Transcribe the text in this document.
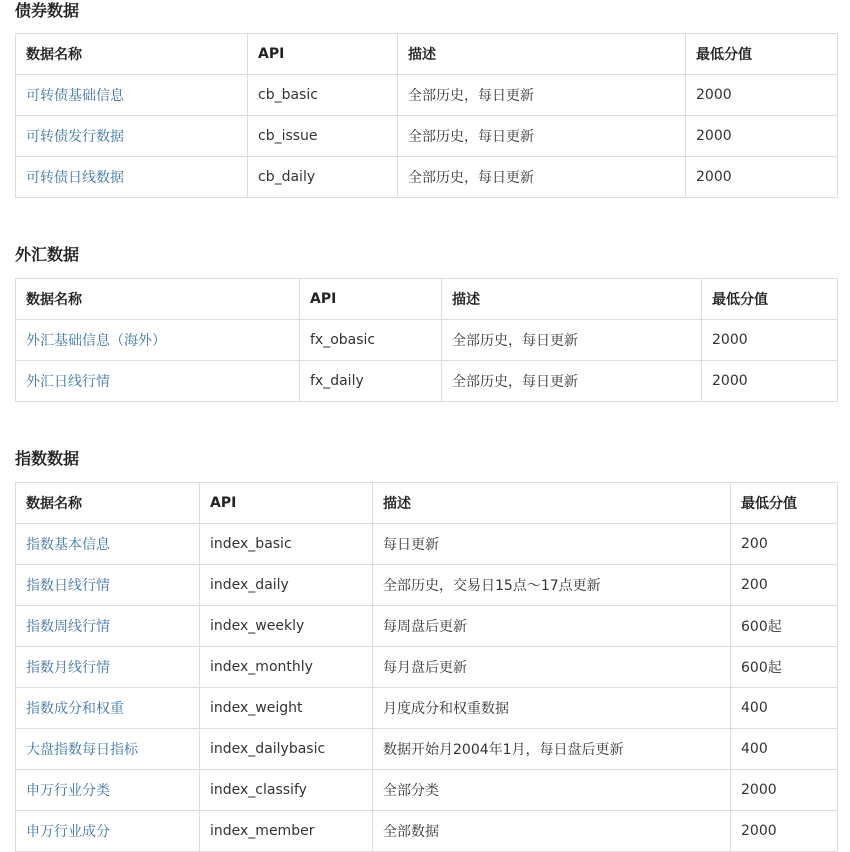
债券数据
数据名称	API	描述	最低分值
可转债基础信息	cb_basic	全部历史，每日更新	2000
可转债发行数据	cb_issue	全部历史，每日更新	2000
可转债日线数据	cb_daily	全部历史，每日更新	2000
外汇数据
数据名称	API	描述	最低分值
外汇基础信息（海外）	fx_obasic	全部历史，每日更新	2000
外汇日线行情	fx_daily	全部历史，每日更新	2000
指数数据
数据名称	API	描述	最低分值
指数基本信息	index_basic	每日更新	200
指数日线行情	index_daily	全部历史，交易日15点～17点更新	200
指数周线行情	index_weekly	每周盘后更新	600起
指数月线行情	index_monthly	每月盘后更新	600起
指数成分和权重	index_weight	月度成分和权重数据	400
大盘指数每日指标	index_dailybasic	数据开始月2004年1月，每日盘后更新	400
申万行业分类	index_classify	全部分类	2000
申万行业成分	index_member	全部数据	2000
